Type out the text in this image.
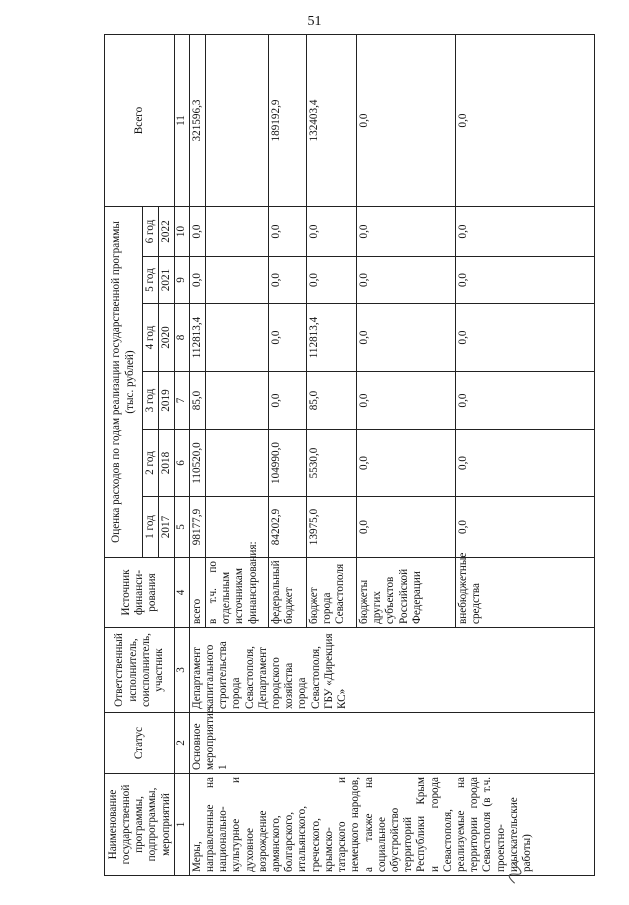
51
Наименование государственной программы, подпрограммы, мероприятий	Статус	Ответственный исполнитель, соисполнитель, участник	Источник финанси-рования	Оценка расходов по годам реализации государственной программы (тыс. рублей)						Всего
				1 год	2 год	3 год	4 год	5 год	6 год	
				2017	2018	2019	2020	2021	2022	
1	2	3	4	5	6	7	8	9	10	11
Меры, направленные на национально-культурное и духовное возрождение армянского, болгарского, итальянского, греческого, крымско-татарского и немецкого народов, а также на социальное обустройство территорий Республики Крым и города Севастополя, реализуемые на территории города Севастополя (в т.ч. проектно-изыскательские работы)	Основное мероприятие 1	Департамент капитального строительства города Севастополя, Департамент городского хозяйства города Севастополя, ГБУ «Дирекция КС»	всего	98177,9	110520,0	85,0	112813,4	0,0	0,0	321596,3
			в т.ч. по отдельным источникам финансирования:							
			федеральный бюджет	84202,9	104990,0	0,0	0,0	0,0	0,0	189192,9
			бюджет города Севастополя	13975,0	5530,0	85,0	112813,4	0,0	0,0	132403,4
			бюджеты других субъектов Российской Федерации	0,0	0,0	0,0	0,0	0,0	0,0	0,0
			внебюджетные средства	0,0	0,0	0,0	0,0	0,0	0,0	0,0
